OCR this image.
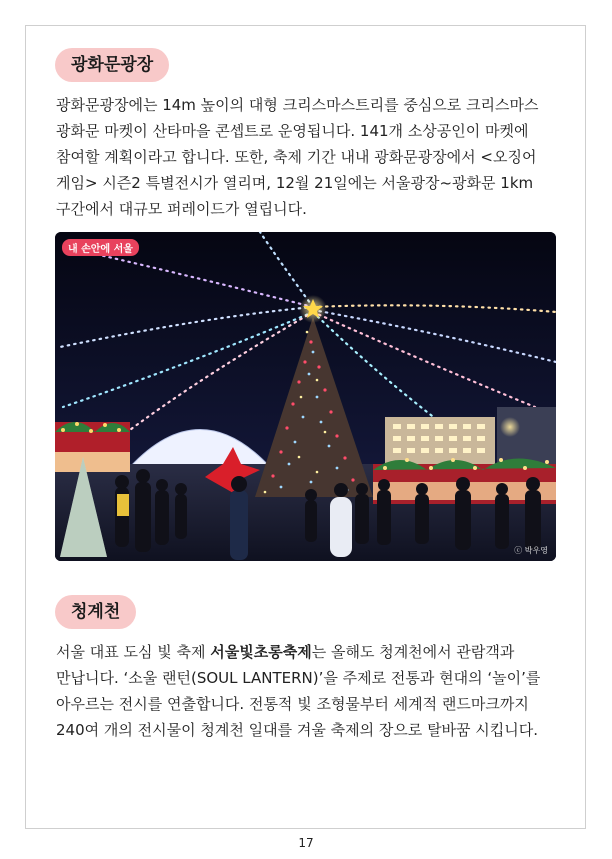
광화문광장

광화문광장에는 14m 높이의 대형 크리스마스트리를 중심으로 크리스마스 광화문 마켓이 산타마을 콘셉트로 운영됩니다. 141개 소상공인이 마켓에 참여할 계획이라고 합니다. 또한, 축제 기간 내내 광화문광장에서 <오징어 게임> 시즌2 특별전시가 열리며, 12월 21일에는 서울광장~광화문 1km 구간에서 대규모 퍼레이드가 열립니다.

내 손안에 서울
ⓒ 박우영
청계천

서울 대표 도심 빛 축제 서울빛초롱축제는 올해도 청계천에서 관람객과 만납니다. ‘소울 랜턴(SOUL LANTERN)’을 주제로 전통과 현대의 ‘놀이’를 아우르는 전시를 연출합니다. 전통적 빛 조형물부터 세계적 랜드마크까지 240여 개의 전시물이 청계천 일대를 겨울 축제의 장으로 탈바꿈 시킵니다.

17
